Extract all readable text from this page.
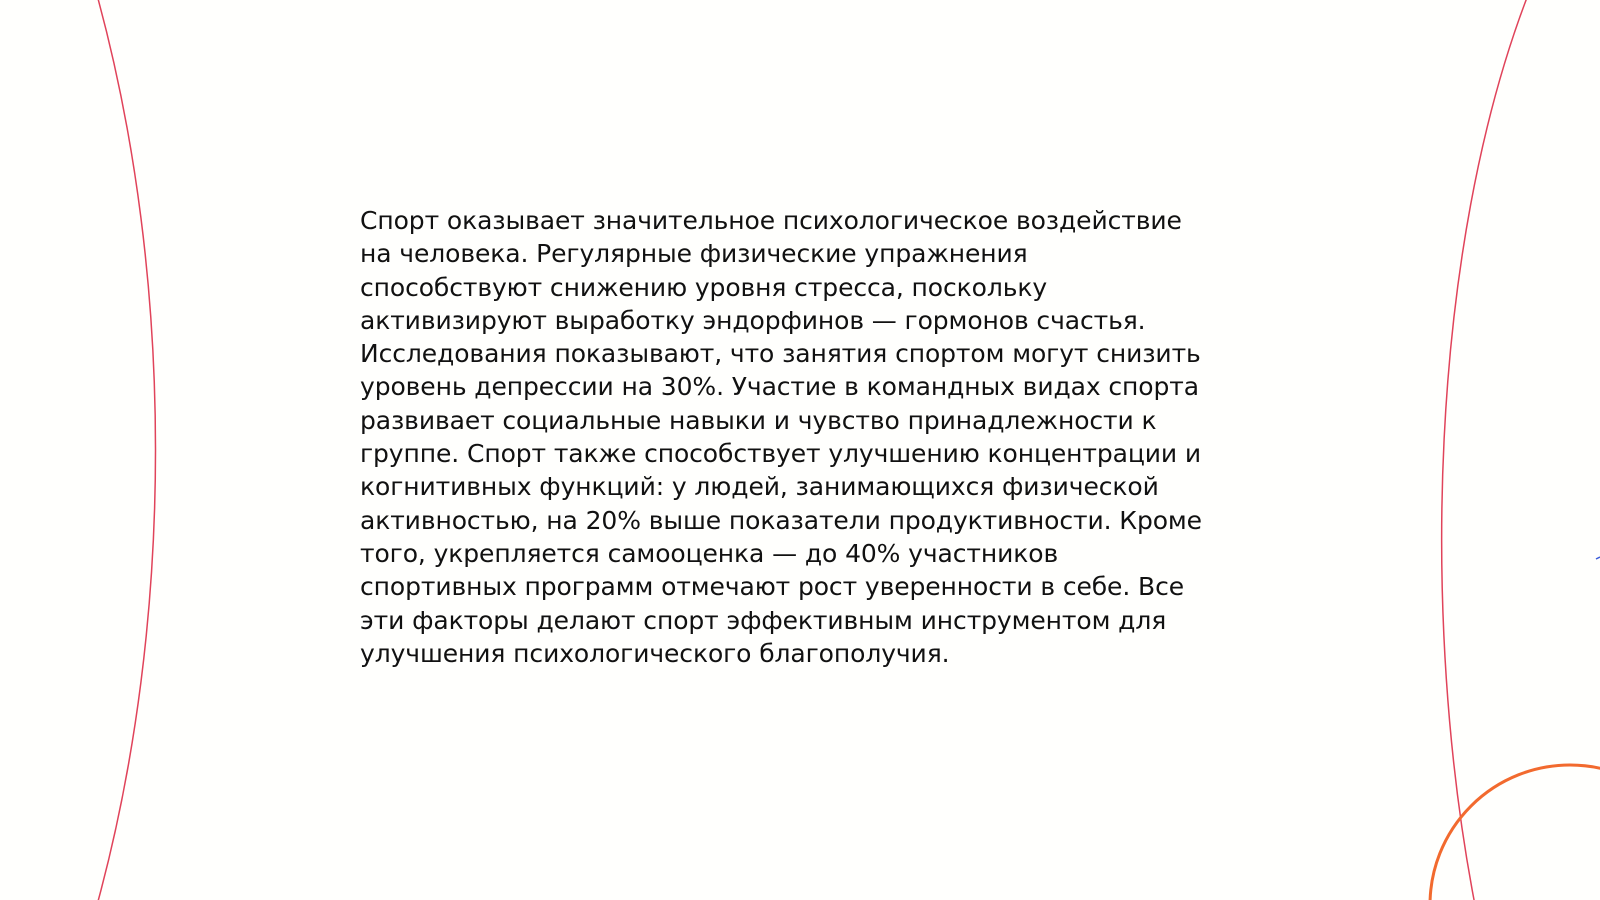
Спорт оказывает значительное психологическое воздействие
на человека. Регулярные физические упражнения
способствуют снижению уровня стресса, поскольку
активизируют выработку эндорфинов — гормонов счастья.
Исследования показывают, что занятия спортом могут снизить
уровень депрессии на 30%. Участие в командных видах спорта
развивает социальные навыки и чувство принадлежности к
группе. Спорт также способствует улучшению концентрации и
когнитивных функций: у людей, занимающихся физической
активностью, на 20% выше показатели продуктивности. Кроме
того, укрепляется самооценка — до 40% участников
спортивных программ отмечают рост уверенности в себе. Все
эти факторы делают спорт эффективным инструментом для
улучшения психологического благополучия.
